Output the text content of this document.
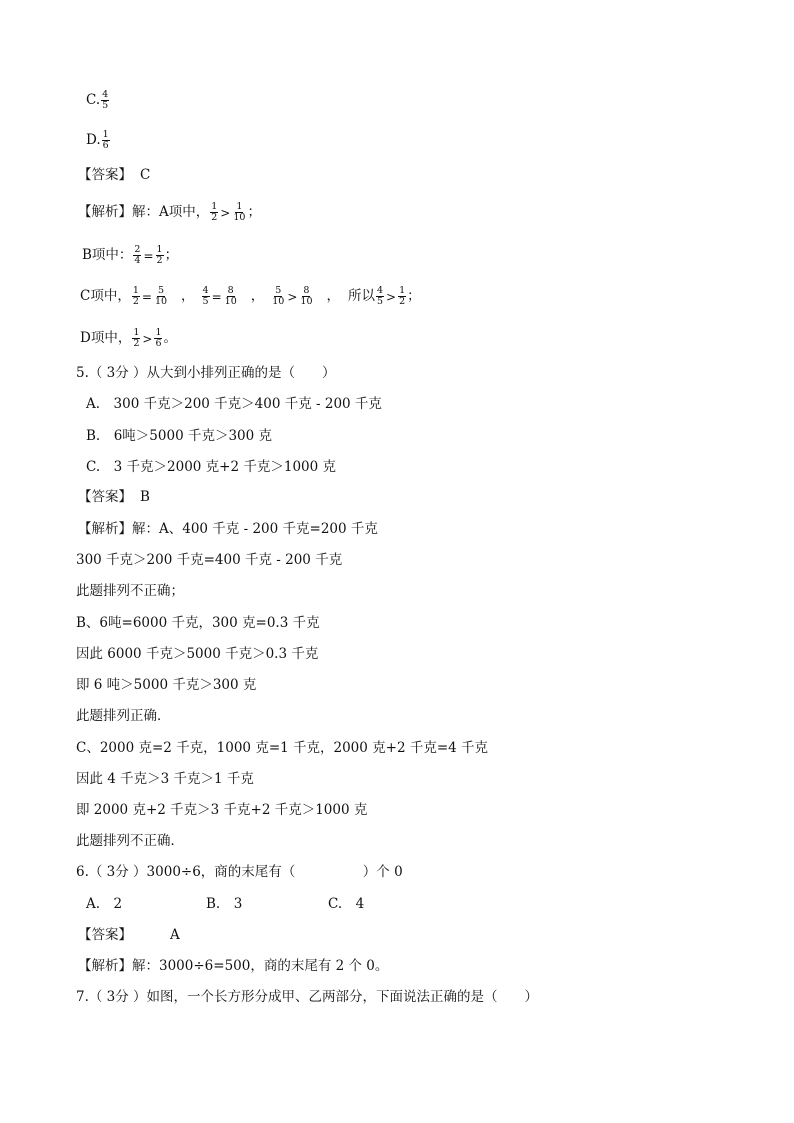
C. $\frac{4}{5}$
D. $\frac{1}{6}$
【答案】 C
【解析】解：A项中， $\frac{1}{2} > \frac{1}{10}$ ；
B项中： $\frac{2}{4} = \frac{1}{2}$ ；
C项中， $\frac{1}{2} = \frac{5}{10}$ ， $\frac{4}{5} = \frac{8}{10}$ ， $\frac{5}{10} > \frac{8}{10}$ ， 所以 $\frac{4}{5} > \frac{1}{2}$ ；
D项中， $\frac{1}{2} > \frac{1}{6}$ 。
5.（ 3分 ）从大到小排列正确的是（　　）
A.　300 千克＞200 千克＞400 千克 - 200 千克
B.　6吨＞5000 千克＞300 克
C.　3 千克＞2000 克+2 千克＞1000 克
【答案】 B
【解析】解：A、400 千克 - 200 千克=200 千克
300 千克＞200 千克=400 千克 - 200 千克
此题排列不正确；
B、6吨=6000 千克，300 克=0.3 千克
因此 6000 千克＞5000 千克＞0.3 千克
即 6 吨＞5000 千克＞300 克
此题排列正确．
C、2000 克=2 千克，1000 克=1 千克，2000 克+2 千克=4 千克
因此 4 千克＞3 千克＞1 千克
即 2000 克+2 千克＞3 千克+2 千克＞1000 克
此题排列不正确．
6.（ 3分 ）3000÷6，商的末尾有（　　　　　）个 0
A.　2	B.　3	C.　4
【答案】	A
【解析】解：3000÷6=500，商的末尾有 2 个 0。
7.（ 3分 ）如图，一个长方形分成甲、乙两部分，下面说法正确的是（　　）
